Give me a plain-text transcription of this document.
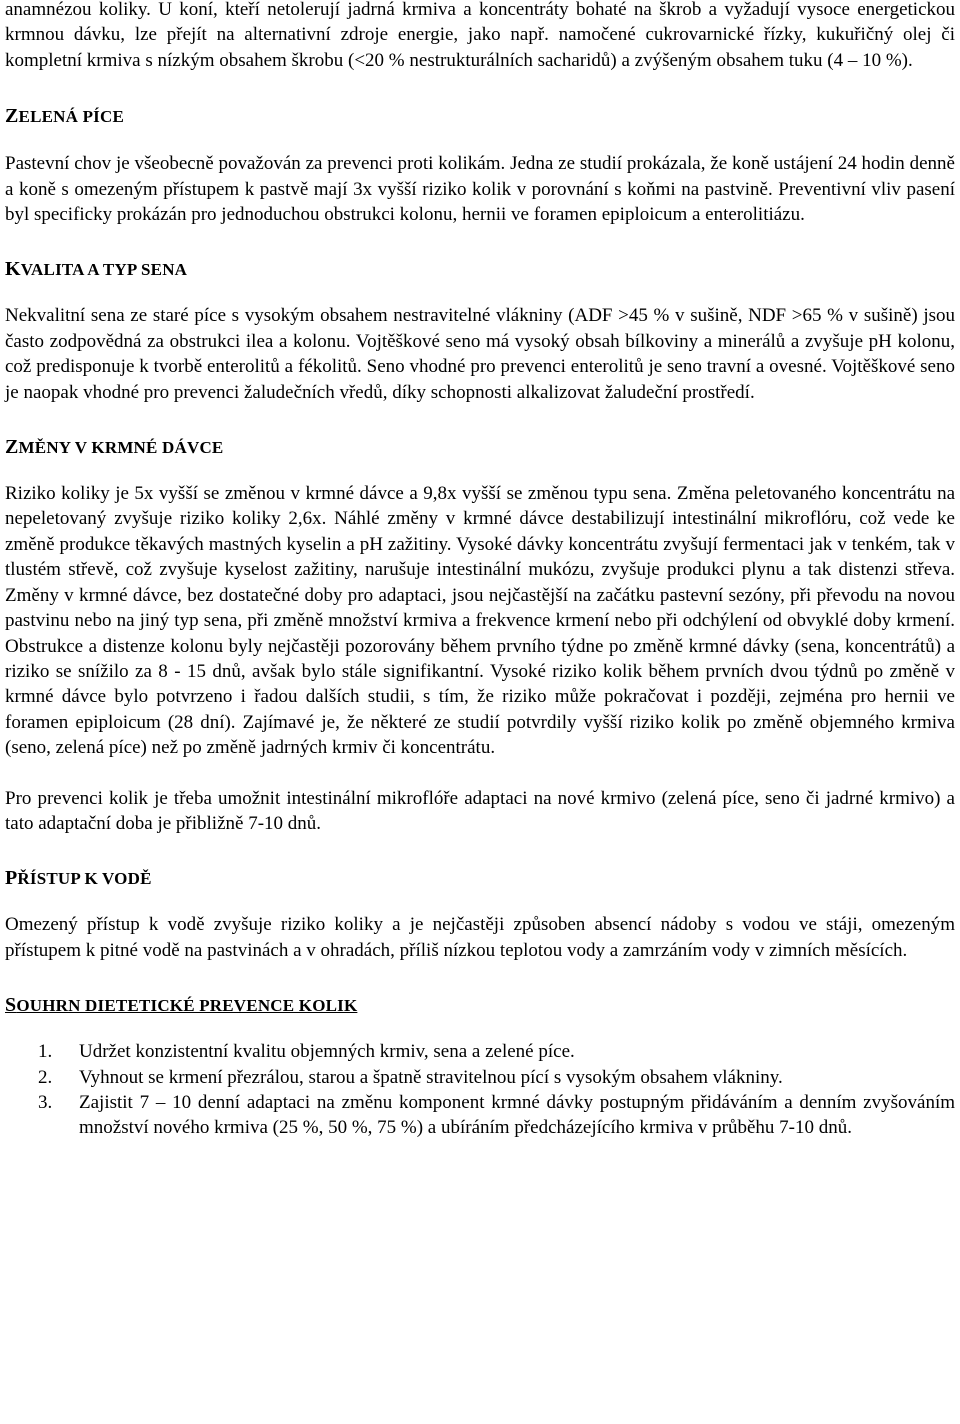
anamnézou koliky. U koní, kteří netolerují jadrná krmiva a koncentráty bohaté na škrob a vyžadují vysoce energetickou krmnou dávku, lze přejít na alternativní zdroje energie, jako např. namočené cukrovarnické řízky, kukuřičný olej či kompletní krmiva s nízkým obsahem škrobu (<20 % nestrukturálních sacharidů) a zvýšeným obsahem tuku (4 – 10 %).

ZELENÁ PÍCE

Pastevní chov je všeobecně považován za prevenci proti kolikám. Jedna ze studií prokázala, že koně ustájení 24 hodin denně a koně s omezeným přístupem k pastvě mají 3x vyšší riziko kolik v porovnání s koňmi na pastvině. Preventivní vliv pasení byl specificky prokázán pro jednoduchou obstrukci kolonu, hernii ve foramen epiploicum a enterolitiázu.

KVALITA A TYP SENA

Nekvalitní sena ze staré píce s vysokým obsahem nestravitelné vlákniny (ADF >45 % v sušině, NDF >65 % v sušině) jsou často zodpovědná za obstrukci ilea a kolonu. Vojtěškové seno má vysoký obsah bílkoviny a minerálů a zvyšuje pH kolonu, což predisponuje k tvorbě enterolitů a fékolitů. Seno vhodné pro prevenci enterolitů je seno travní a ovesné. Vojtěškové seno je naopak vhodné pro prevenci žaludečních vředů, díky schopnosti alkalizovat žaludeční prostředí.

ZMĚNY V KRMNÉ DÁVCE

Riziko koliky je 5x vyšší se změnou v krmné dávce a 9,8x vyšší se změnou typu sena. Změna peletovaného koncentrátu na nepeletovaný zvyšuje riziko koliky 2,6x. Náhlé změny v krmné dávce destabilizují intestinální mikroflóru, což vede ke změně produkce těkavých mastných kyselin a pH zažitiny. Vysoké dávky koncentrátu zvyšují fermentaci jak v tenkém, tak v tlustém střevě, což zvyšuje kyselost zažitiny, narušuje intestinální mukózu, zvyšuje produkci plynu a tak distenzi střeva. Změny v krmné dávce, bez dostatečné doby pro adaptaci, jsou nejčastější na začátku pastevní sezóny, při převodu na novou pastvinu nebo na jiný typ sena, při změně množství krmiva a frekvence krmení nebo při odchýlení od obvyklé doby krmení. Obstrukce a distenze kolonu byly nejčastěji pozorovány během prvního týdne po změně krmné dávky (sena, koncentrátů) a riziko se snížilo za 8 - 15 dnů, avšak bylo stále signifikantní. Vysoké riziko kolik během prvních dvou týdnů po změně v krmné dávce bylo potvrzeno i řadou dalších studii, s tím, že riziko může pokračovat i později, zejména pro hernii ve foramen epiploicum (28 dní). Zajímavé je, že některé ze studií potvrdily vyšší riziko kolik po změně objemného krmiva (seno, zelená píce) než po změně jadrných krmiv či koncentrátu.

Pro prevenci kolik je třeba umožnit intestinální mikroflóře adaptaci na nové krmivo (zelená píce, seno či jadrné krmivo) a tato adaptační doba je přibližně 7-10 dnů.

PŘÍSTUP K VODĚ

Omezený přístup k vodě zvyšuje riziko koliky a je nejčastěji způsoben absencí nádoby s vodou ve stáji, omezeným přístupem k pitné vodě na pastvinách a v ohradách, příliš nízkou teplotou vody a zamrzáním vody v zimních měsících.

SOUHRN DIETETICKÉ PREVENCE KOLIK
1.	Udržet konzistentní kvalitu objemných krmiv, sena a zelené píce.
2.	Vyhnout se krmení přezrálou, starou a špatně stravitelnou pící s vysokým obsahem vlákniny.
3.	Zajistit 7 – 10 denní adaptaci na změnu komponent krmné dávky postupným přidáváním a denním zvyšováním množství nového krmiva (25 %, 50 %, 75 %) a ubíráním předcházejícího krmiva v průběhu 7-10 dnů.
